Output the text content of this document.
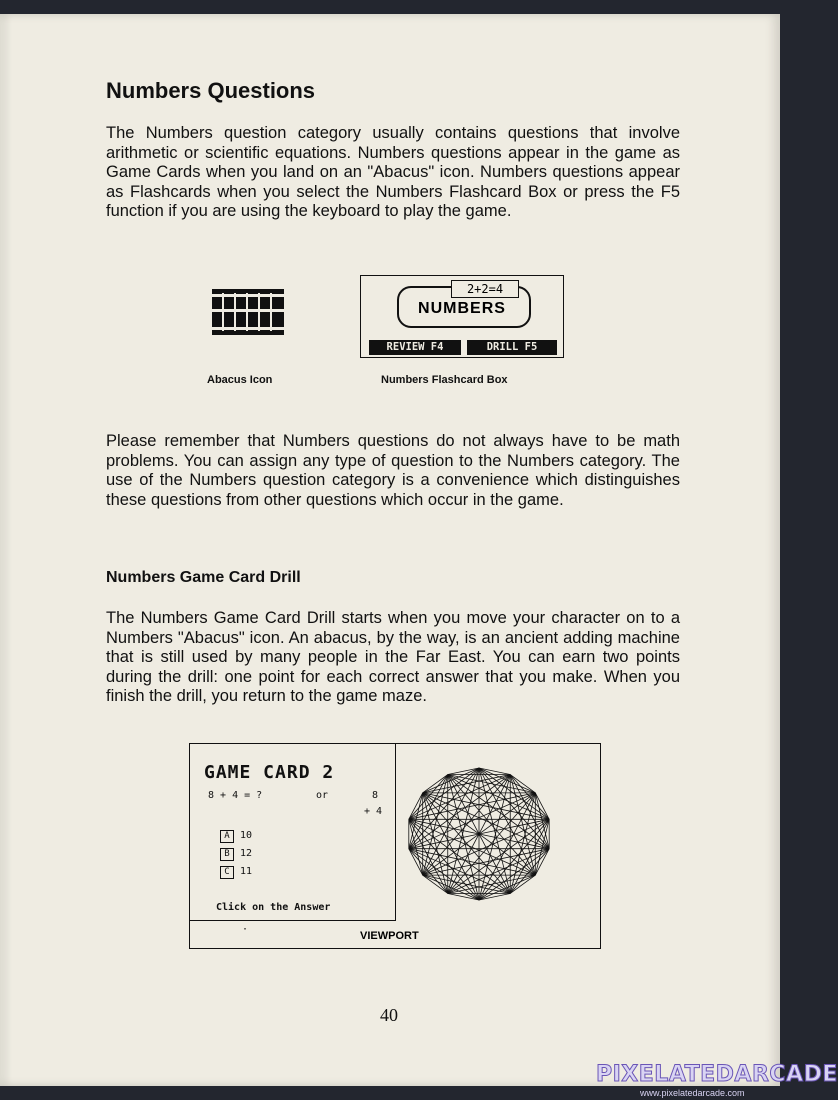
Numbers Questions

The Numbers question category usually contains questions that involve arithmetic or scientific equations. Numbers questions appear in the game as Game Cards when you land on an "Abacus" icon. Numbers questions appear as Flashcards when you select the Numbers Flashcard Box or press the F5 function if you are using the keyboard to play the game.

Abacus Icon
2+2=4
NUMBERS
REVIEW F4	DRILL F5
Numbers Flashcard Box

Please remember that Numbers questions do not always have to be math problems. You can assign any type of question to the Numbers category. The use of the Numbers question category is a convenience which distinguishes these questions from other questions which occur in the game.

Numbers Game Card Drill

The Numbers Game Card Drill starts when you move your character on to a Numbers "Abacus" icon. An abacus, by the way, is an ancient adding machine that is still used by many people in the Far East. You can earn two points during the drill: one point for each correct answer that you make. When you finish the drill, you return to the game maze.

GAME CARD 2
8 + 4 = ?	or	8
+ 4
A 10
B 12
C 11
Click on the Answer
·
VIEWPORT
40
PIXELATEDARCADE
www.pixelatedarcade.com
